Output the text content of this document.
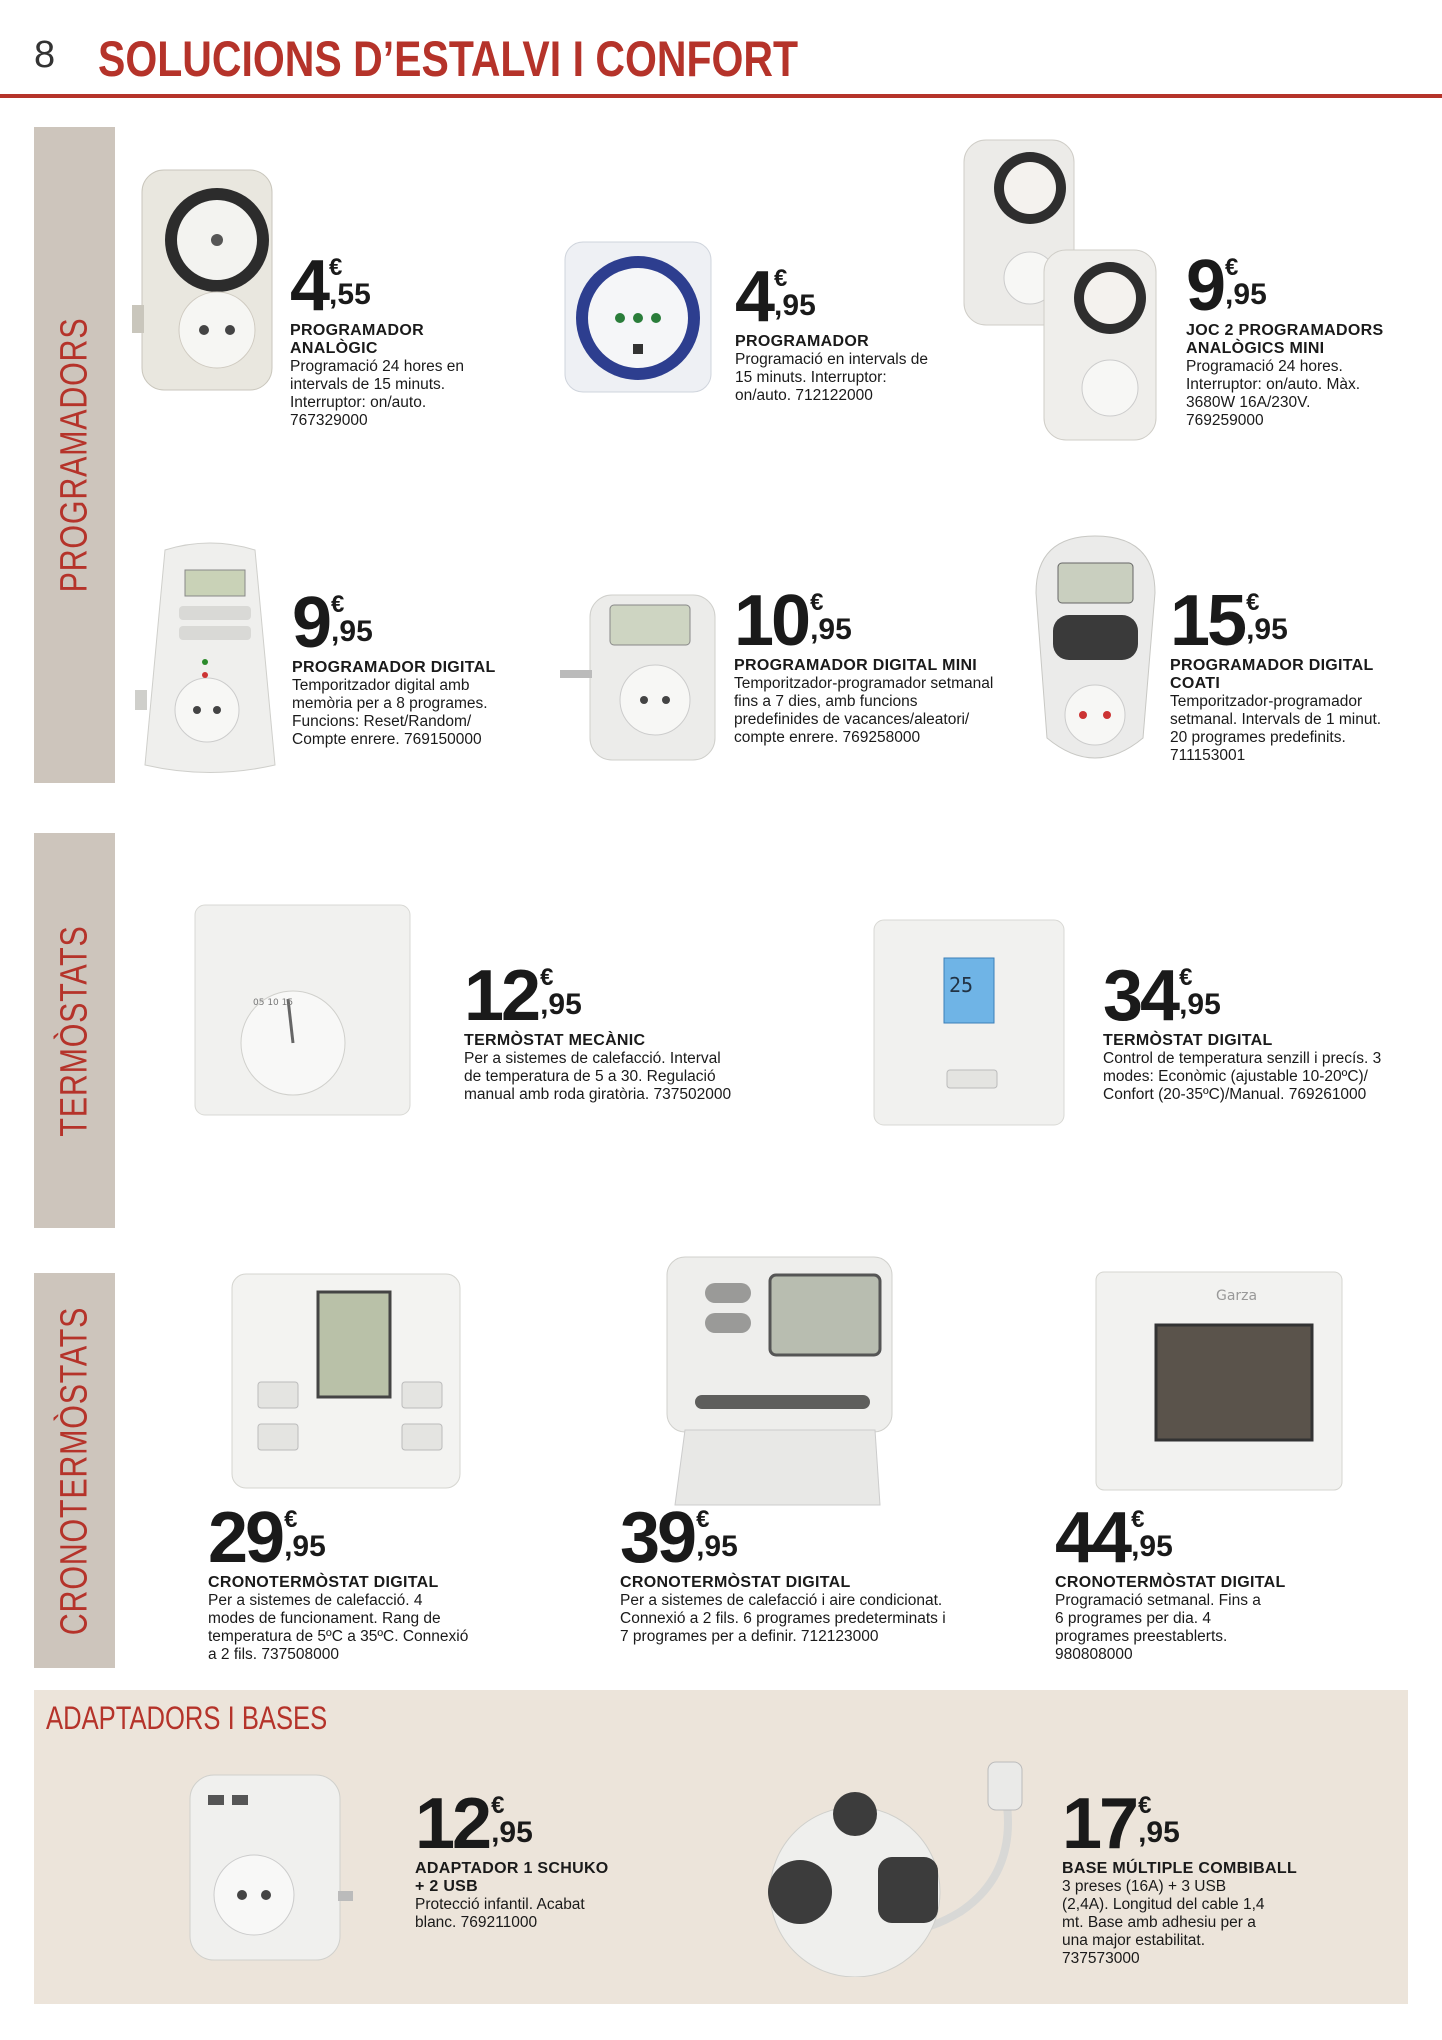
8 SOLUCIONS D’ESTALVI I CONFORT
PROGRAMADORS
TERMÒSTATS
CRONOTERMÒSTATS
ADAPTADORS I BASES
05 10 15
25
Garza
4 €
,55
PROGRAMADOR ANALÒGIC
Programació 24 hores en intervals de 15 minuts. Interruptor: on/auto. 767329000
4 €
,95
PROGRAMADOR
Programació en intervals de 15 minuts. Interruptor: on/auto. 712122000
9 €
,95
JOC 2 PROGRAMADORS ANALÒGICS MINI
Programació 24 hores. Interruptor: on/auto. Màx. 3680W 16A/230V. 769259000
9 €
,95
PROGRAMADOR DIGITAL
Temporitzador digital amb memòria per a 8 programes. Funcions: Reset/Random/ Compte enrere. 769150000
10 €
,95
PROGRAMADOR DIGITAL MINI
Temporitzador-programador setmanal fins a 7 dies, amb funcions predefinides de vacances/aleatori/ compte enrere. 769258000
15 €
,95
PROGRAMADOR DIGITAL COATI
Temporitzador-programador setmanal. Intervals de 1 minut. 20 programes predefinits. 711153001
12 €
,95
TERMÒSTAT MECÀNIC
Per a sistemes de calefacció. Interval de temperatura de 5 a 30. Regulació manual amb roda giratòria. 737502000
34 €
,95
TERMÒSTAT DIGITAL
Control de temperatura senzill i precís. 3 modes: Econòmic (ajustable 10-20ºC)/ Confort (20-35ºC)/Manual. 769261000
29 €
,95
CRONOTERMÒSTAT DIGITAL
Per a sistemes de calefacció. 4 modes de funcionament. Rang de temperatura de 5ºC a 35ºC. Connexió a 2 fils. 737508000
39 €
,95
CRONOTERMÒSTAT DIGITAL
Per a sistemes de calefacció i aire condicionat. Connexió a 2 fils. 6 programes predeterminats i 7 programes per a definir. 712123000
44 €
,95
CRONOTERMÒSTAT DIGITAL
Programació setmanal. Fins a 6 programes per dia. 4 programes preestablerts. 980808000
12 €
,95
ADAPTADOR 1 SCHUKO + 2 USB
Protecció infantil. Acabat blanc. 769211000
17 €
,95
BASE MÚLTIPLE COMBIBALL
3 preses (16A) + 3 USB (2,4A). Longitud del cable 1,4 mt. Base amb adhesiu per a una major estabilitat. 737573000
